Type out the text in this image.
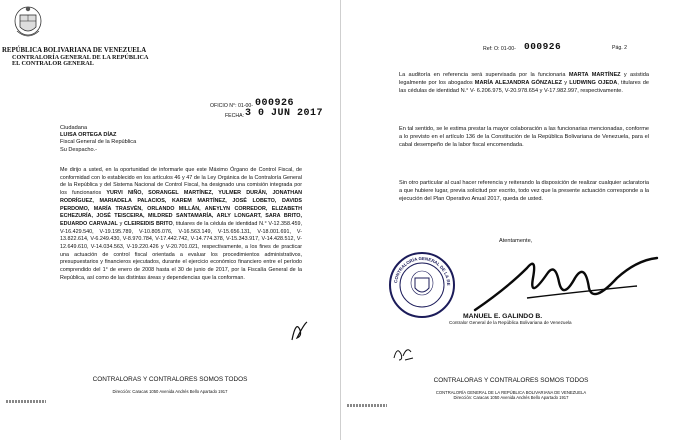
REPÚBLICA BOLIVARIANA DE VENEZUELA
CONTRALORÍA GENERAL DE LA REPÚBLICA
EL CONTRALOR GENERAL
OFICIO N°: 01-00- 000926
FECHA: 3 0 JUN 2017
Ciudadana
LUISA ORTEGA DÍAZ
Fiscal General de la República
Su Despacho.-
Me dirijo a usted, en la oportunidad de informarle que este Máximo Órgano de Control Fiscal, de conformidad con lo establecido en los artículos 46 y 47 de la Ley Orgánica de la Contraloría General de la República y del Sistema Nacional de Control Fiscal, ha designado una comisión integrada por los funcionarios YURVI NIÑO, SORANGEL MARTÍNEZ, YULMER DURÁN, JONATHAN RODRÍGUEZ, MARIADELA PALACIOS, KAREM MARTÍNEZ, JOSÉ LOBETO, DAVIDS PERDOMO, MARÍA TRASVÉN, ORLANDO MILLÁN, ANEYLYN CORREDOR, ELIZABETH ECHEZURÍA, JOSÉ TEISCEIRA, MILDRED SANTAMARÍA, ARLY LONGART, SARA BRITO, EDUARDO CARVAJAL y CLEIREIDIS BRITO, titulares de la cédula de identidad N.° V-12.358.459, V-16.429.540, V-19.195.789, V-10.805.076, V-16.563.149, V-15.656.131, V-18.001.691, V-13.822.614, V-6.249.430, V-8.970.784, V-17.442.742, V-14.774.378, V-15.343.917, V-14.428.512, V-12.649.610, V-14.034.563, V-19.220.426 y V-20.701.021, respectivamente, a los fines de practicar una actuación de control fiscal orientada a evaluar los procedimientos administrativos, presupuestarios y financieros ejecutados, durante el ejercicio económico financiero entre el período comprendido del 1° de enero de 2008 hasta el 30 de junio de 2017, por la Fiscalía General de la República, así como de las distintas áreas y dependencias que la conforman.
CONTRALORAS Y CONTRALORES SOMOS TODOS
Dirección: Caracas 1050 Avenida Andrés Bello Apartado 1917
Ref: O: 01-00- 000926	Pág. 2
La auditoría en referencia será supervisada por la funcionaria MARTA MARTÍNEZ y asistida legalmente por los abogados MARÍA ALEJANDRA GÓNZALEZ y LUDWING OJEDA, titulares de las cédulas de identidad N.° V- 6.206.975, V-20.978.654 y V-17.982.997, respectivamente.
En tal sentido, se le estima prestar la mayor colaboración a las funcionarias mencionadas, conforme a lo previsto en el artículo 136 de la Constitución de la República Bolivariana de Venezuela, para el cabal desempeño de la labor fiscal encomendada.
Sin otro particular al cual hacer referencia y reiterando la disposición de realizar cualquier aclaratoria a que hubiere lugar, previa solicitud por escrito, todo vez que la presente actuación corresponde a la ejecución del Plan Operativo Anual 2017, queda de usted.
Atentamente,
CONTRALORÍA GENERAL DE LA RE
MANUEL E. GALINDO B.
Contralor General de la República Bolivariana de Venezuela
CONTRALORAS Y CONTRALORES SOMOS TODOS
CONTRALORÍA GENERAL DE LA REPÚBLICA BOLIVARIANA DE VENEZUELA
Dirección: Caracas 1050 Avenida Andrés Bello Apartado 1917
